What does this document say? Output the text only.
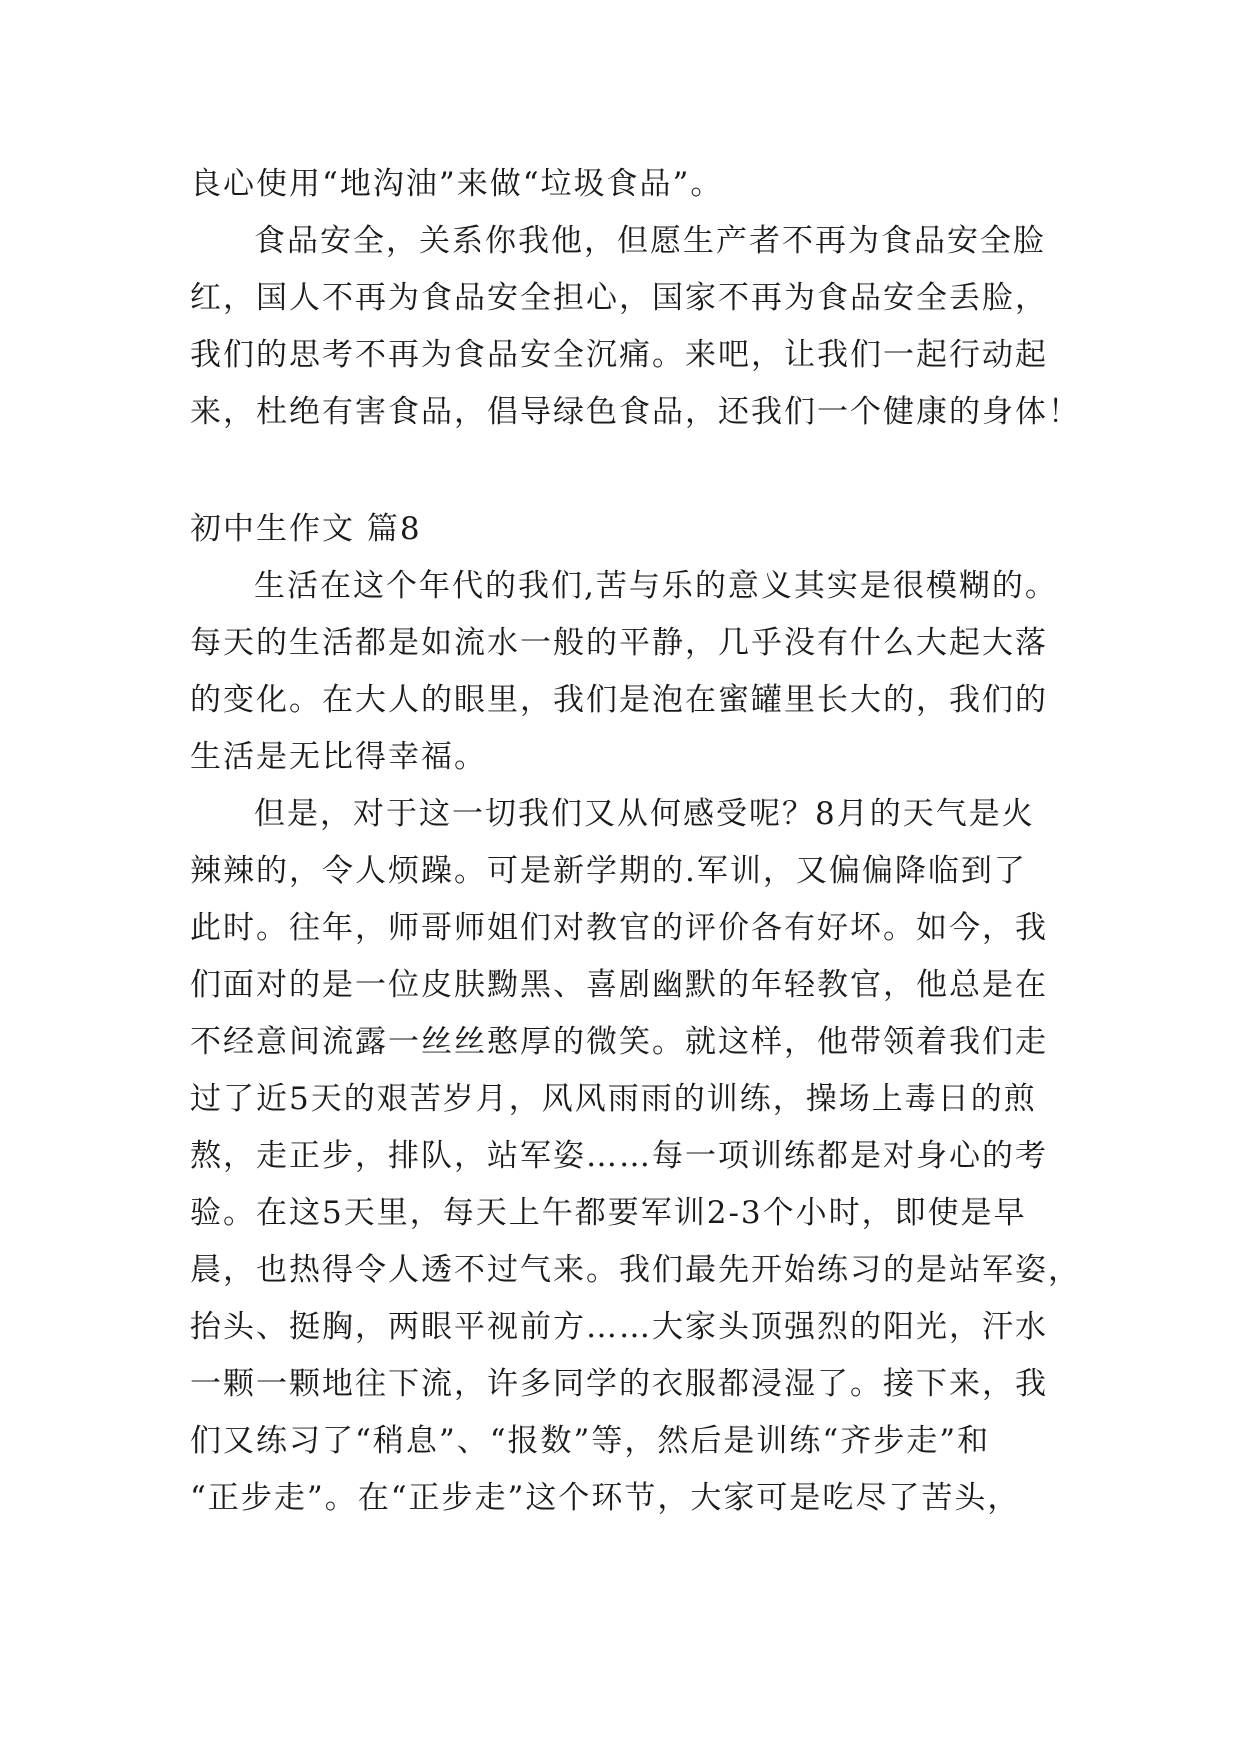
良心使用“地沟油”来做“垃圾食品”。
食品安全，关系你我他，但愿生产者不再为食品安全脸
红，国人不再为食品安全担心，国家不再为食品安全丢脸，
我们的思考不再为食品安全沉痛。来吧，让我们一起行动起
来，杜绝有害食品，倡导绿色食品，还我们一个健康的身体！
初中生作文 篇8
生活在这个年代的我们,苦与乐的意义其实是很模糊的。
每天的生活都是如流水一般的平静，几乎没有什么大起大落
的变化。在大人的眼里，我们是泡在蜜罐里长大的，我们的
生活是无比得幸福。
但是，对于这一切我们又从何感受呢？8月的天气是火
辣辣的，令人烦躁。可是新学期的.军训，又偏偏降临到了
此时。往年，师哥师姐们对教官的评价各有好坏。如今，我
们面对的是一位皮肤黝黑、喜剧幽默的年轻教官，他总是在
不经意间流露一丝丝憨厚的微笑。就这样，他带领着我们走
过了近5天的艰苦岁月，风风雨雨的训练，操场上毒日的煎
熬，走正步，排队，站军姿……每一项训练都是对身心的考
验。在这5天里，每天上午都要军训2-3个小时，即使是早
晨，也热得令人透不过气来。我们最先开始练习的是站军姿，
抬头、挺胸，两眼平视前方……大家头顶强烈的阳光，汗水
一颗一颗地往下流，许多同学的衣服都浸湿了。接下来，我
们又练习了“稍息”、“报数”等，然后是训练“齐步走”和
“正步走”。在“正步走”这个环节，大家可是吃尽了苦头，
